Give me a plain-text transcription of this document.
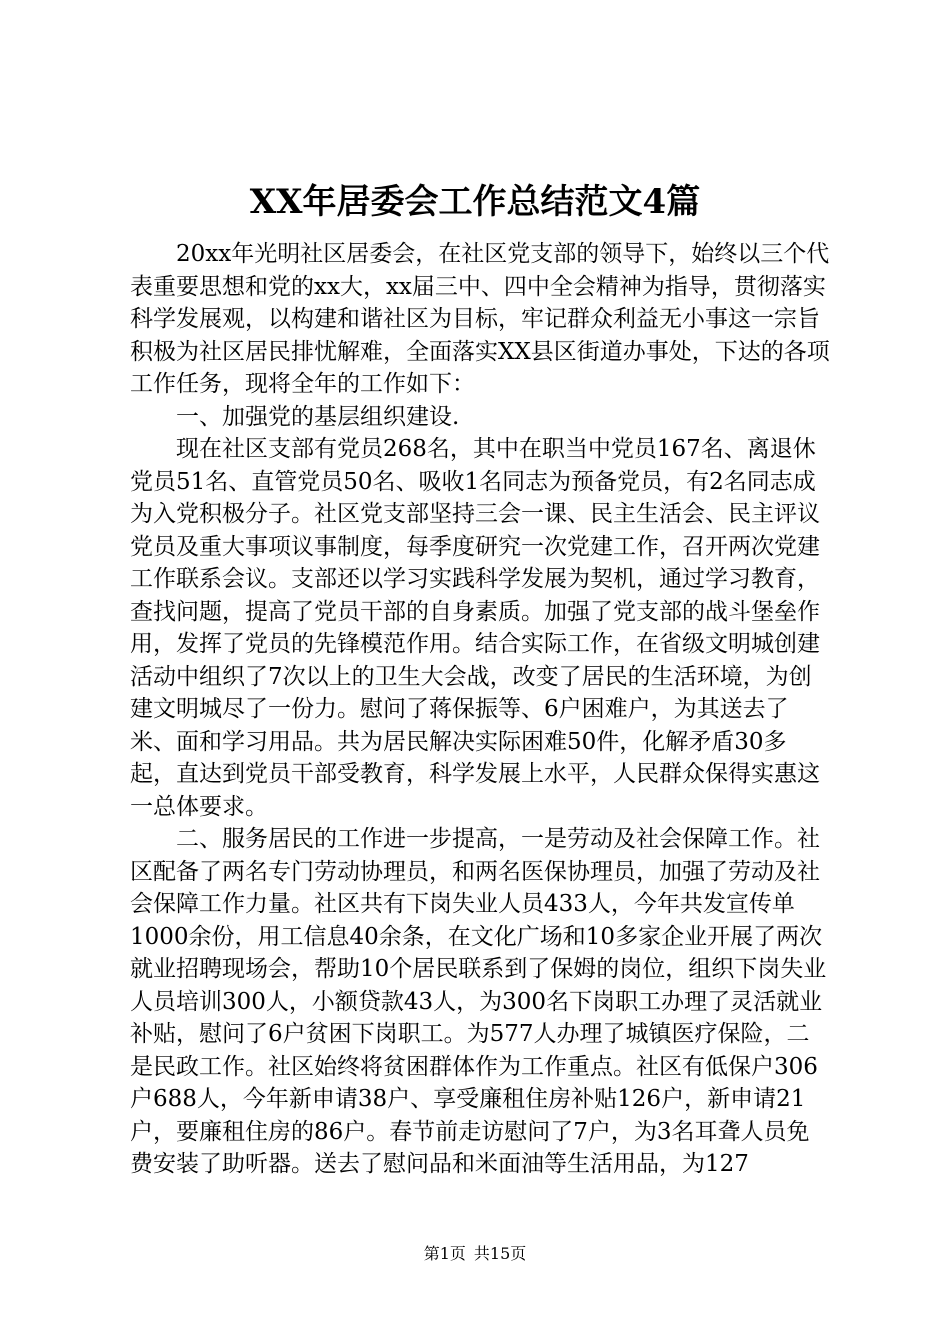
XX年居委会工作总结范文4篇

20xx年光明社区居委会，在社区党支部的领导下，始终以三个代表重要思想和党的xx大，xx届三中、四中全会精神为指导，贯彻落实科学发展观，以构建和谐社区为目标，牢记群众利益无小事这一宗旨积极为社区居民排忧解难，全面落实XX县区街道办事处，下达的各项工作任务，现将全年的工作如下：

一、加强党的基层组织建设.

现在社区支部有党员268名，其中在职当中党员167名、离退休党员51名、直管党员50名、吸收1名同志为预备党员，有2名同志成为入党积极分子。社区党支部坚持三会一课、民主生活会、民主评议党员及重大事项议事制度，每季度研究一次党建工作，召开两次党建工作联系会议。支部还以学习实践科学发展为契机，通过学习教育，查找问题，提高了党员干部的自身素质。加强了党支部的战斗堡垒作用，发挥了党员的先锋模范作用。结合实际工作，在省级文明城创建活动中组织了7次以上的卫生大会战，改变了居民的生活环境，为创建文明城尽了一份力。慰问了蒋保振等、6户困难户，为其送去了米、面和学习用品。共为居民解决实际困难50件，化解矛盾30多起，直达到党员干部受教育，科学发展上水平，人民群众保得实惠这一总体要求。

二、服务居民的工作进一步提高，一是劳动及社会保障工作。社区配备了两名专门劳动协理员，和两名医保协理员，加强了劳动及社会保障工作力量。社区共有下岗失业人员433人，今年共发宣传单1000余份，用工信息40余条，在文化广场和10多家企业开展了两次就业招聘现场会，帮助10个居民联系到了保姆的岗位，组织下岗失业人员培训300人，小额贷款43人，为300名下岗职工办理了灵活就业补贴，慰问了6户贫困下岗职工。为577人办理了城镇医疗保险，二是民政工作。社区始终将贫困群体作为工作重点。社区有低保户306户688人，今年新申请38户、享受廉租住房补贴126户，新申请21户，要廉租住房的86户。春节前走访慰问了7户，为3名耳聋人员免费安装了助听器。送去了慰问品和米面油等生活用品，为127

第1页 共15页
